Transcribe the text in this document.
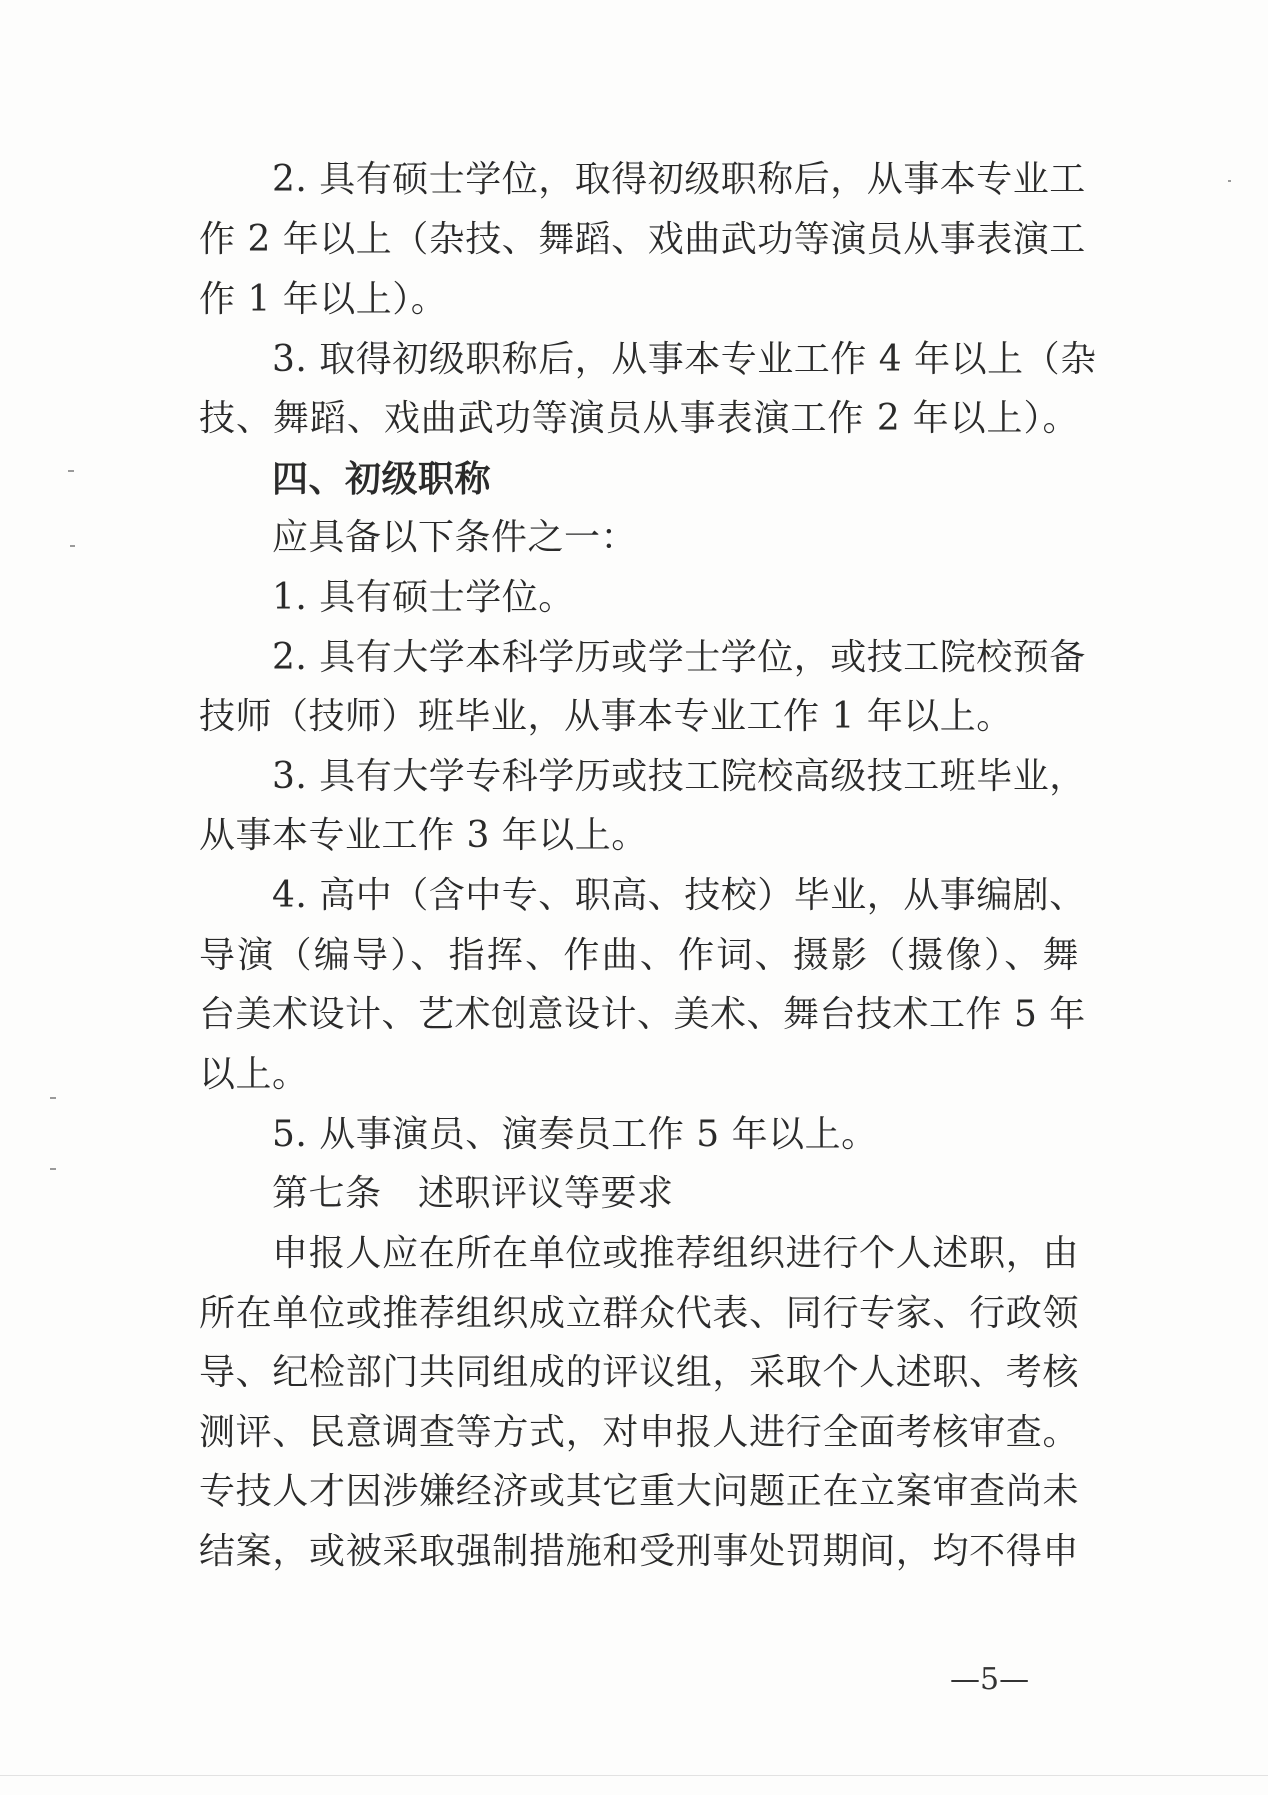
2. 具有硕士学位，取得初级职称后，从事本专业工
作 2 年以上（杂技、舞蹈、戏曲武功等演员从事表演工
作 1 年以上）。
3. 取得初级职称后，从事本专业工作 4 年以上（杂
技、舞蹈、戏曲武功等演员从事表演工作 2 年以上）。
四、初级职称
应具备以下条件之一：
1. 具有硕士学位。
2. 具有大学本科学历或学士学位，或技工院校预备
技师（技师）班毕业，从事本专业工作 1 年以上。
3. 具有大学专科学历或技工院校高级技工班毕业，
从事本专业工作 3 年以上。
4. 高中（含中专、职高、技校）毕业，从事编剧、
导演（编导）、指挥、作曲、作词、摄影（摄像）、舞
台美术设计、艺术创意设计、美术、舞台技术工作 5 年
以上。
5. 从事演员、演奏员工作 5 年以上。
第七条　述职评议等要求
申报人应在所在单位或推荐组织进行个人述职，由
所在单位或推荐组织成立群众代表、同行专家、行政领
导、纪检部门共同组成的评议组，采取个人述职、考核
测评、民意调查等方式，对申报人进行全面考核审查。
专技人才因涉嫌经济或其它重大问题正在立案审查尚未
结案，或被采取强制措施和受刑事处罚期间，均不得申
—5—
